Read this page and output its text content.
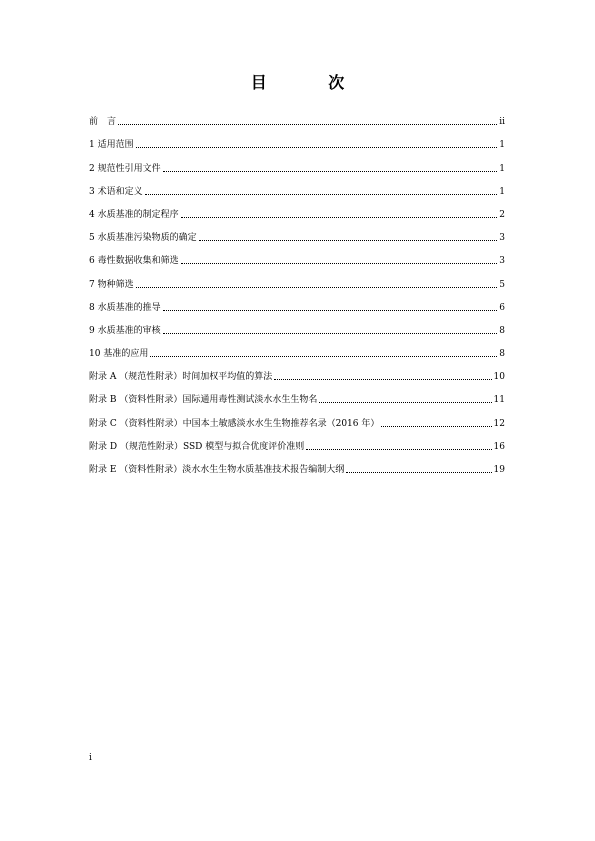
目 次
前　言	ii
1 适用范围	1
2 规范性引用文件	1
3 术语和定义	1
4 水质基准的制定程序	2
5 水质基准污染物质的确定	3
6 毒性数据收集和筛选	3
7 物种筛选	5
8 水质基准的推导	6
9 水质基准的审核	8
10 基准的应用	8
附录 A （规范性附录）时间加权平均值的算法	10
附录 B （资料性附录）国际通用毒性测试淡水水生生物名	11
附录 C （资料性附录）中国本土敏感淡水水生生物推荐名录（2016 年）	12
附录 D （规范性附录）SSD 模型与拟合优度评价准则	16
附录 E （资料性附录）淡水水生生物水质基准技术报告编制大纲	19
i
